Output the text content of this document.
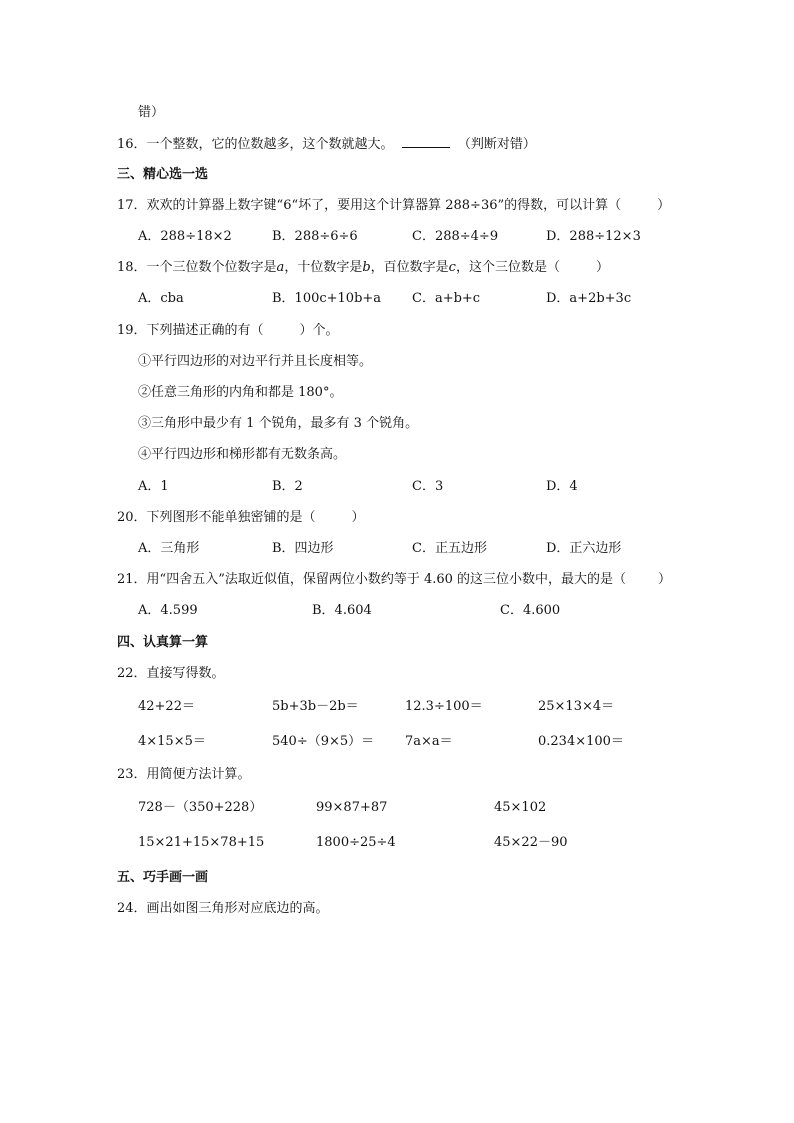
错）
16．一个整数，它的位数越多，这个数就越大。	（判断对错）
三、精心选一选
17．欢欢的计算器上数字键“6“坏了，要用这个计算器算 288÷36”的得数，可以计算（	）
A．288÷18×2	B．288÷6÷6	C．288÷4÷9	D．288÷12×3
18．一个三位数个位数字是a，十位数字是b，百位数字是c，这个三位数是（	）
A．cba	B．100c+10b+a C．a+b+c	D．a+2b+3c
19．下列描述正确的有（	）个。
①平行四边形的对边平行并且长度相等。
②任意三角形的内角和都是 180°。
③三角形中最少有 1 个锐角，最多有 3 个锐角。
④平行四边形和梯形都有无数条高。
A．1	B．2	C．3	D．4
20．下列图形不能单独密铺的是（	）
A．三角形	B．四边形	C．正五边形	D．正六边形
21．用“四舍五入”法取近似值，保留两位小数约等于 4.60 的这三位小数中，最大的是（ ）
A．4.599	B．4.604	C．4.600
四、认真算一算
22．直接写得数。
42+22＝	5b+3b－2b＝	12.3÷100＝	25×13×4＝
4×15×5＝	540÷（9×5）＝ 7a×a＝	0.234×100＝
23．用简便方法计算。
728－（350+228）	99×87+87	45×102
15×21+15×78+15	1800÷25÷4	45×22－90
五、巧手画一画
24．画出如图三角形对应底边的高。
